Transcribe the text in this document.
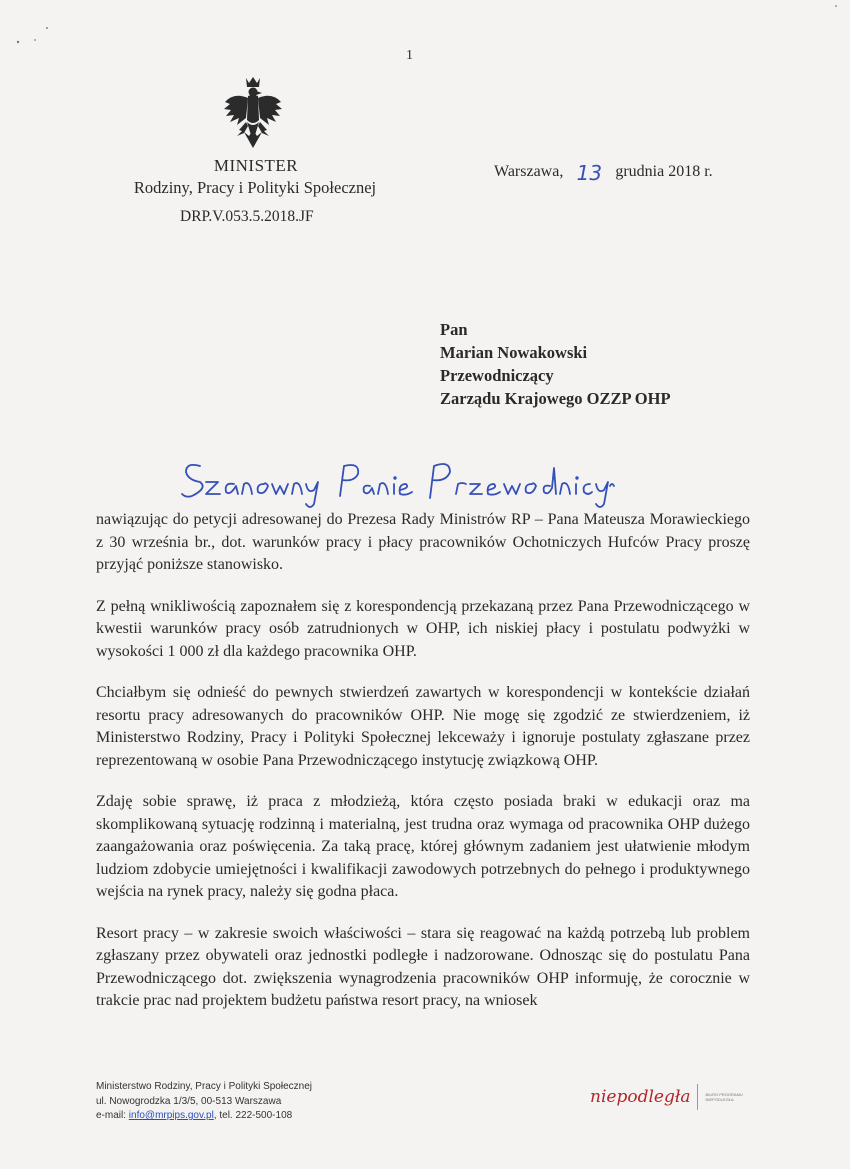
1
MINISTER
Rodziny, Pracy i Polityki Społecznej
DRP.V.053.5.2018.JF
Warszawa, 13 grudnia 2018 r.
Pan
Marian Nowakowski
Przewodniczący
Zarządu Krajowego OZZP OHP

nawiązując do petycji adresowanej do Prezesa Rady Ministrów RP – Pana Mateusza Morawieckiego z 30 września br., dot. warunków pracy i płacy pracowników Ochotniczych Hufców Pracy proszę przyjąć poniższe stanowisko.

Z pełną wnikliwością zapoznałem się z korespondencją przekazaną przez Pana Przewodniczącego w kwestii warunków pracy osób zatrudnionych w OHP, ich niskiej płacy i postulatu podwyżki w wysokości 1 000 zł dla każdego pracownika OHP.

Chciałbym się odnieść do pewnych stwierdzeń zawartych w korespondencji w kontekście działań resortu pracy adresowanych do pracowników OHP. Nie mogę się zgodzić ze stwierdzeniem, iż Ministerstwo Rodziny, Pracy i Polityki Społecznej lekceważy i ignoruje postulaty zgłaszane przez reprezentowaną w osobie Pana Przewodniczącego instytucję związkową OHP.

Zdaję sobie sprawę, iż praca z młodzieżą, która często posiada braki w edukacji oraz ma skomplikowaną sytuację rodzinną i materialną, jest trudna oraz wymaga od pracownika OHP dużego zaangażowania oraz poświęcenia. Za taką pracę, której głównym zadaniem jest ułatwienie młodym ludziom zdobycie umiejętności i kwalifikacji zawodowych potrzebnych do pełnego i produktywnego wejścia na rynek pracy, należy się godna płaca.

Resort pracy – w zakresie swoich właściwości – stara się reagować na każdą potrzebą lub problem zgłaszany przez obywateli oraz jednostki podległe i nadzorowane. Odnosząc się do postulatu Pana Przewodniczącego dot. zwiększenia wynagrodzenia pracowników OHP informuję, że corocznie w trakcie prac nad projektem budżetu państwa resort pracy, na wniosek

Ministerstwo Rodziny, Pracy i Polityki Społecznej
ul. Nowogrodzka 1/3/5, 00-513 Warszawa
e-mail: info@mrpips.gov.pl, tel. 222-500-108
niepodległa	BIURO PROGRAMU NIEPODLEGŁA
